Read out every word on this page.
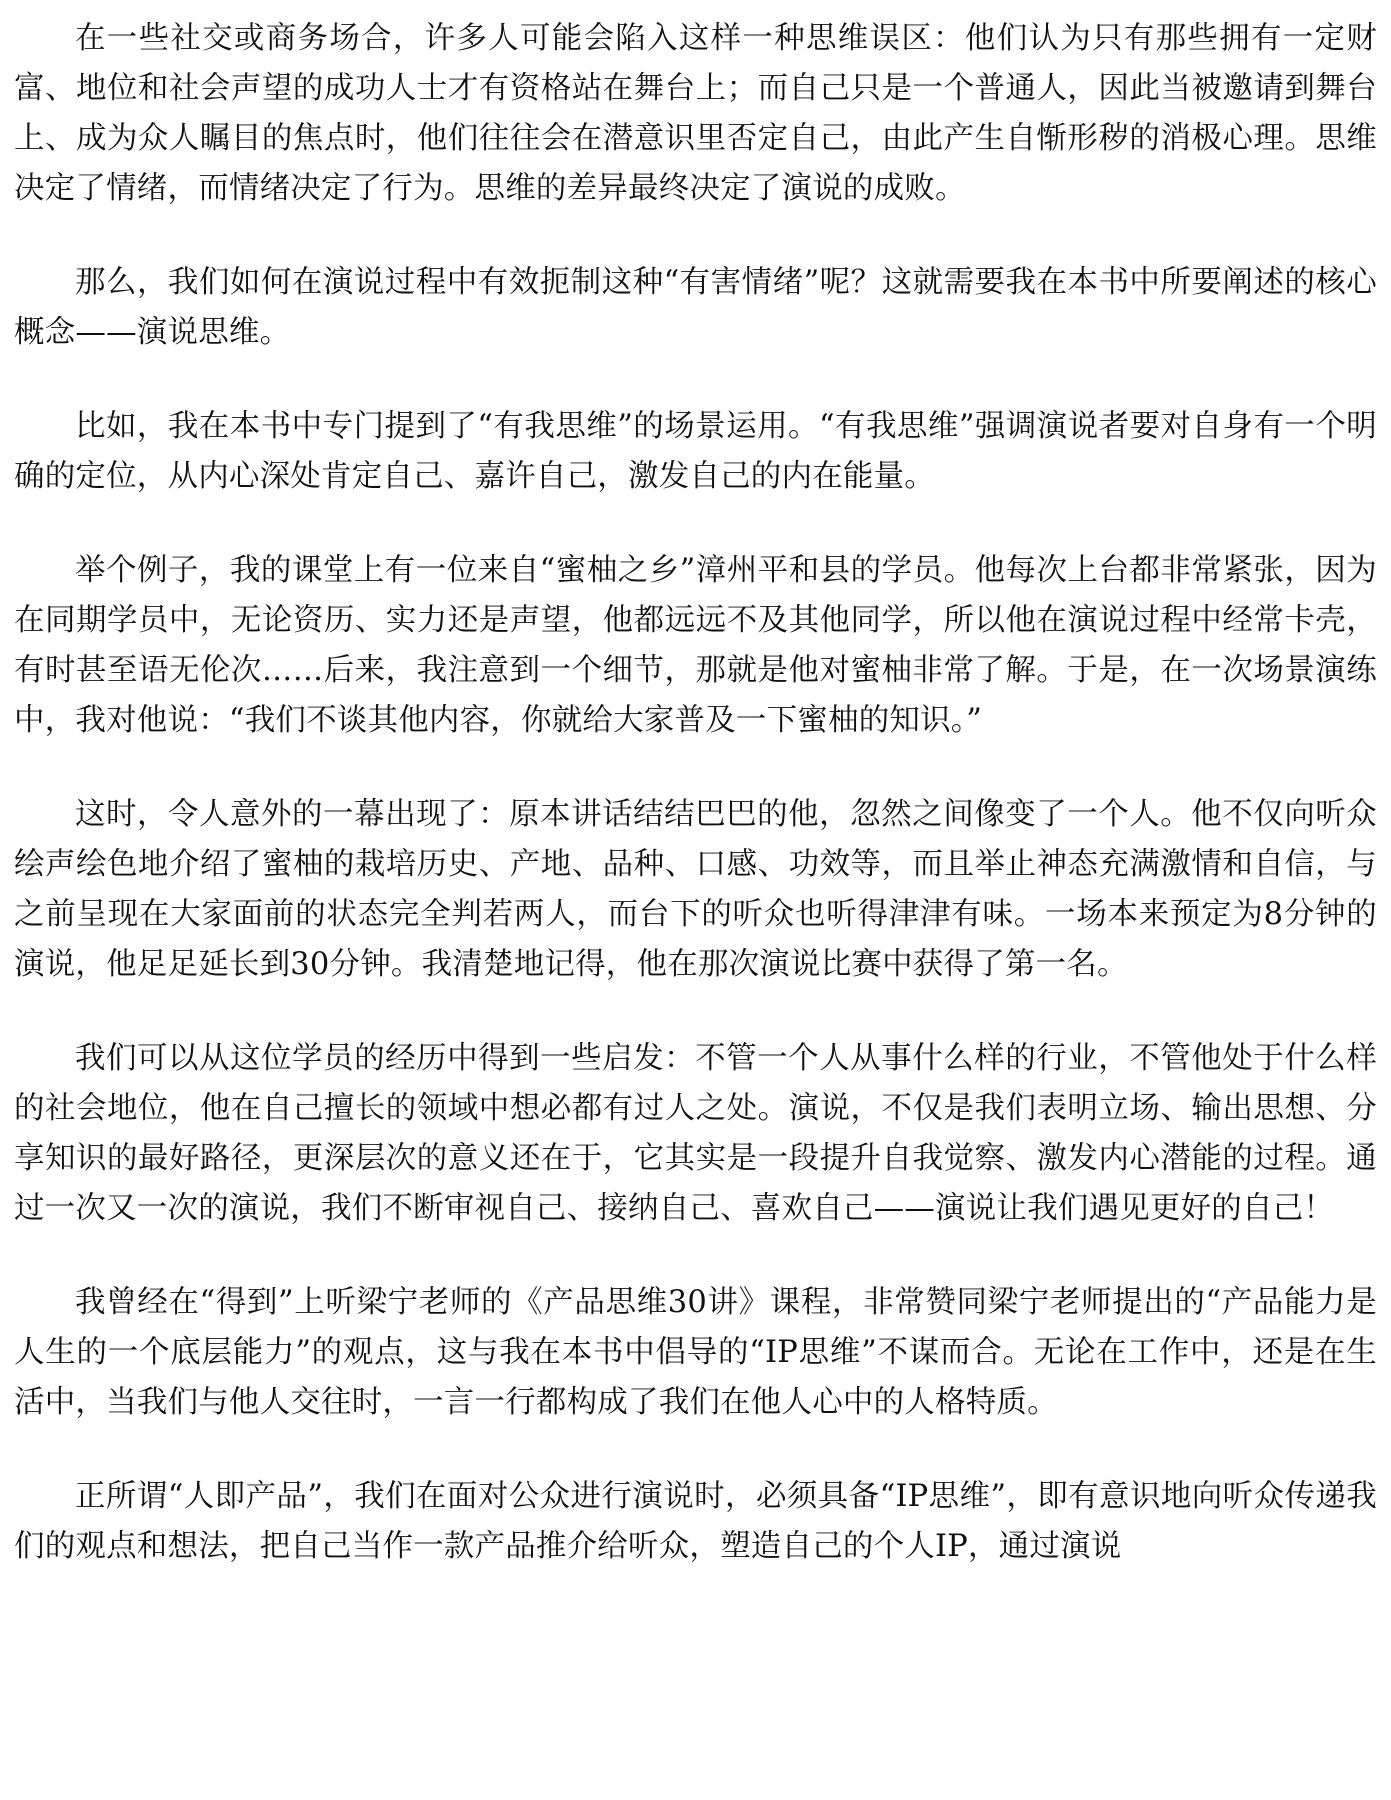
在一些社交或商务场合，许多人可能会陷入这样一种思维误区：他们认为只有那些拥有一定财富、地位和社会声望的成功人士才有资格站在舞台上；而自己只是一个普通人，因此当被邀请到舞台上、成为众人瞩目的焦点时，他们往往会在潜意识里否定自己，由此产生自惭形秽的消极心理。思维决定了情绪，而情绪决定了行为。思维的差异最终决定了演说的成败。

那么，我们如何在演说过程中有效扼制这种“有害情绪”呢？这就需要我在本书中所要阐述的核心概念——演说思维。

比如，我在本书中专门提到了“有我思维”的场景运用。“有我思维”强调演说者要对自身有一个明确的定位，从内心深处肯定自己、嘉许自己，激发自己的内在能量。

举个例子，我的课堂上有一位来自“蜜柚之乡”漳州平和县的学员。他每次上台都非常紧张，因为在同期学员中，无论资历、实力还是声望，他都远远不及其他同学，所以他在演说过程中经常卡壳，有时甚至语无伦次……后来，我注意到一个细节，那就是他对蜜柚非常了解。于是，在一次场景演练中，我对他说：“我们不谈其他内容，你就给大家普及一下蜜柚的知识。”

这时，令人意外的一幕出现了：原本讲话结结巴巴的他，忽然之间像变了一个人。他不仅向听众绘声绘色地介绍了蜜柚的栽培历史、产地、品种、口感、功效等，而且举止神态充满激情和自信，与之前呈现在大家面前的状态完全判若两人，而台下的听众也听得津津有味。一场本来预定为8分钟的演说，他足足延长到30分钟。我清楚地记得，他在那次演说比赛中获得了第一名。

我们可以从这位学员的经历中得到一些启发：不管一个人从事什么样的行业，不管他处于什么样的社会地位，他在自己擅长的领域中想必都有过人之处。演说，不仅是我们表明立场、输出思想、分享知识的最好路径，更深层次的意义还在于，它其实是一段提升自我觉察、激发内心潜能的过程。通过一次又一次的演说，我们不断审视自己、接纳自己、喜欢自己——演说让我们遇见更好的自己！

我曾经在“得到”上听梁宁老师的《产品思维30讲》课程，非常赞同梁宁老师提出的“产品能力是人生的一个底层能力”的观点，这与我在本书中倡导的“IP思维”不谋而合。无论在工作中，还是在生活中，当我们与他人交往时，一言一行都构成了我们在他人心中的人格特质。

正所谓“人即产品”，我们在面对公众进行演说时，必须具备“IP思维”，即有意识地向听众传递我们的观点和想法，把自己当作一款产品推介给听众，塑造自己的个人IP，通过演说
